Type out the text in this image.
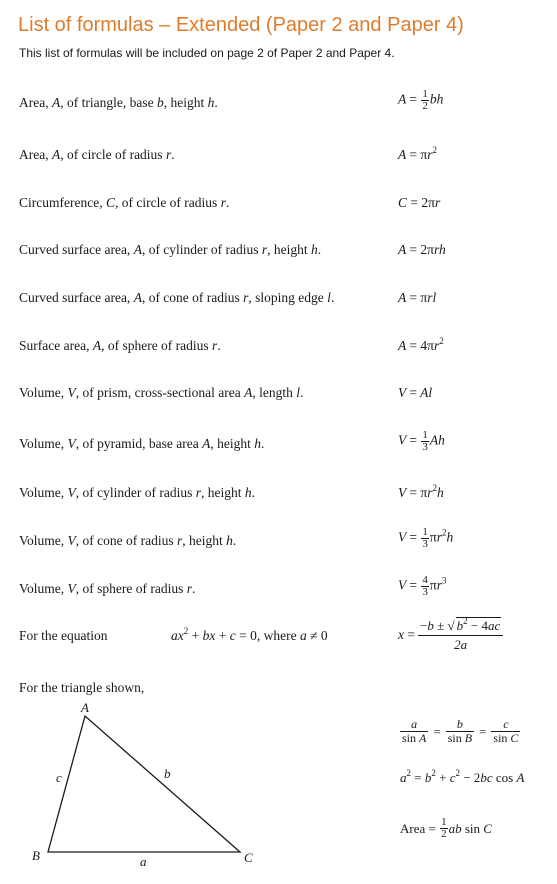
List of formulas – Extended (Paper 2 and Paper 4)
This list of formulas will be included on page 2 of Paper 2 and Paper 4.
Area, A, of triangle, base b, height h.	$A = \frac{1}{2}$ bh
Area, A, of circle of radius r.	$A = \pi r^2$
Circumference, C, of circle of radius r.	C = 2πr
Curved surface area, A, of cylinder of radius r, height h.	A = 2πrh
Curved surface area, A, of cone of radius r, sloping edge l.	A = πrl
Surface area, A, of sphere of radius r.	$A = 4\pi r^2$
Volume, V, of prism, cross-sectional area A, length l.	V = Al
Volume, V, of pyramid, base area A, height h.	$V = \frac{1}{3}$ Ah
Volume, V, of cylinder of radius r, height h.	$V = \pi r^2h$
Volume, V, of cone of radius r, height h.	$V = \frac{1}{3} \pi r^2h$
Volume, V, of sphere of radius r.	$V = \frac{4}{3} \pi r^3$
For the equation	$ax^2$ + bx + c = 0, where a ≠ 0	$x = \frac{-b \pm √ b^2 - 4ac}{2a}$
For the triangle shown,
A
B	C
a
b
c
$\frac{a}{\text{sin A}} = \frac{b}{\text{sin B}} = \frac{c}{\text{sin C}}$
$a^2 = b^2 + c^2 - 2bc$ cos A
Area = $\frac{1}{2}$ ab sin C
